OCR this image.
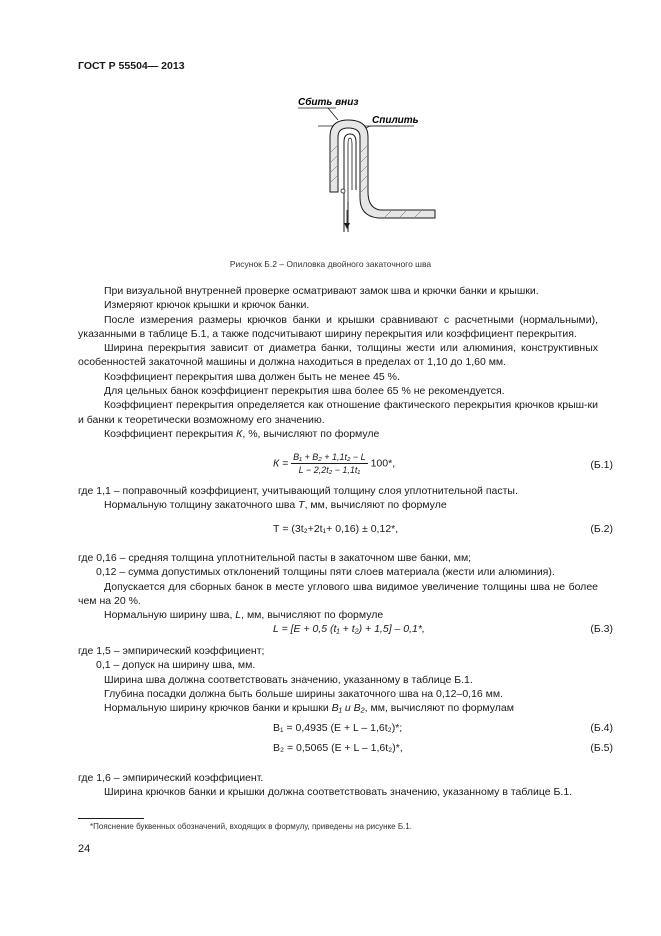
ГОСТ Р 55504— 2013
Сбить вниз
Спилить
Рисунок Б.2 – Опиловка двойного закаточного шва

При визуальной внутренней проверке осматривают замок шва и крючки банки и крышки.

Измеряют крючок крышки и крючок банки.

После измерения размеры крючков банки и крышки сравнивают с расчетными (нормальными), указанными в таблице Б.1, а также подсчитывают ширину перекрытия или коэффициент перекрытия.

Ширина перекрытия зависит от диаметра банки, толщины жести или алюминия, конструктивных особенностей закаточной машины и должна находиться в пределах от 1,10 до 1,60 мм.

Коэффициент перекрытия шва должен быть не менее 45 %.

Для цельных банок коэффициент перекрытия шва более 65 % не рекомендуется.

Коэффициент перекрытия определяется как отношение фактического перекрытия крючков крыш-ки и банки к теоретически возможному его значению.

Коэффициент перекрытия К, %, вычисляют по формуле

$К = \frac{\text{B₁ + B₂ + 1,1t₂ − L}}{\text{L − 2,2t₂ − 1,1t₁}} 100*$,	(Б.1)

где 1,1 – поправочный коэффициент, учитывающий толщину слоя уплотнительной пасты.

Нормальную толщину закаточного шва Т, мм, вычисляют по формуле

Т = (3t₂+2t₁+ 0,16) ± 0,12*,	(Б.2)

где 0,16 – средняя толщина уплотнительной пасты в закаточном шве банки, мм;

0,12 – сумма допустимых отклонений толщины пяти слоев материала (жести или алюминия).

Допускается для сборных банок в месте углового шва видимое увеличение толщины шва не более чем на 20 %.

Нормальную ширину шва, L, мм, вычисляют по формуле

L = [E + 0,5 (t₁ + t₂) + 1,5] – 0,1*,	(Б.3)

где 1,5 – эмпирический коэффициент;

0,1 – допуск на ширину шва, мм.

Ширина шва должна соответствовать значению, указанному в таблице Б.1.

Глубина посадки должна быть больше ширины закаточного шва на 0,12–0,16 мм.

Нормальную ширину крючков банки и крышки B₁ и B₂, мм, вычисляют по формулам

B₁ = 0,4935 (E + L – 1,6t₂)*;	(Б.4)
B₂ = 0,5065 (E + L – 1,6t₂)*,	(Б.5)

где 1,6 – эмпирический коэффициент.

Ширина крючков банки и крышки должна соответствовать значению, указанному в таблице Б.1.

*Пояснение буквенных обозначений, входящих в формулу, приведены на рисунке Б.1.
24
